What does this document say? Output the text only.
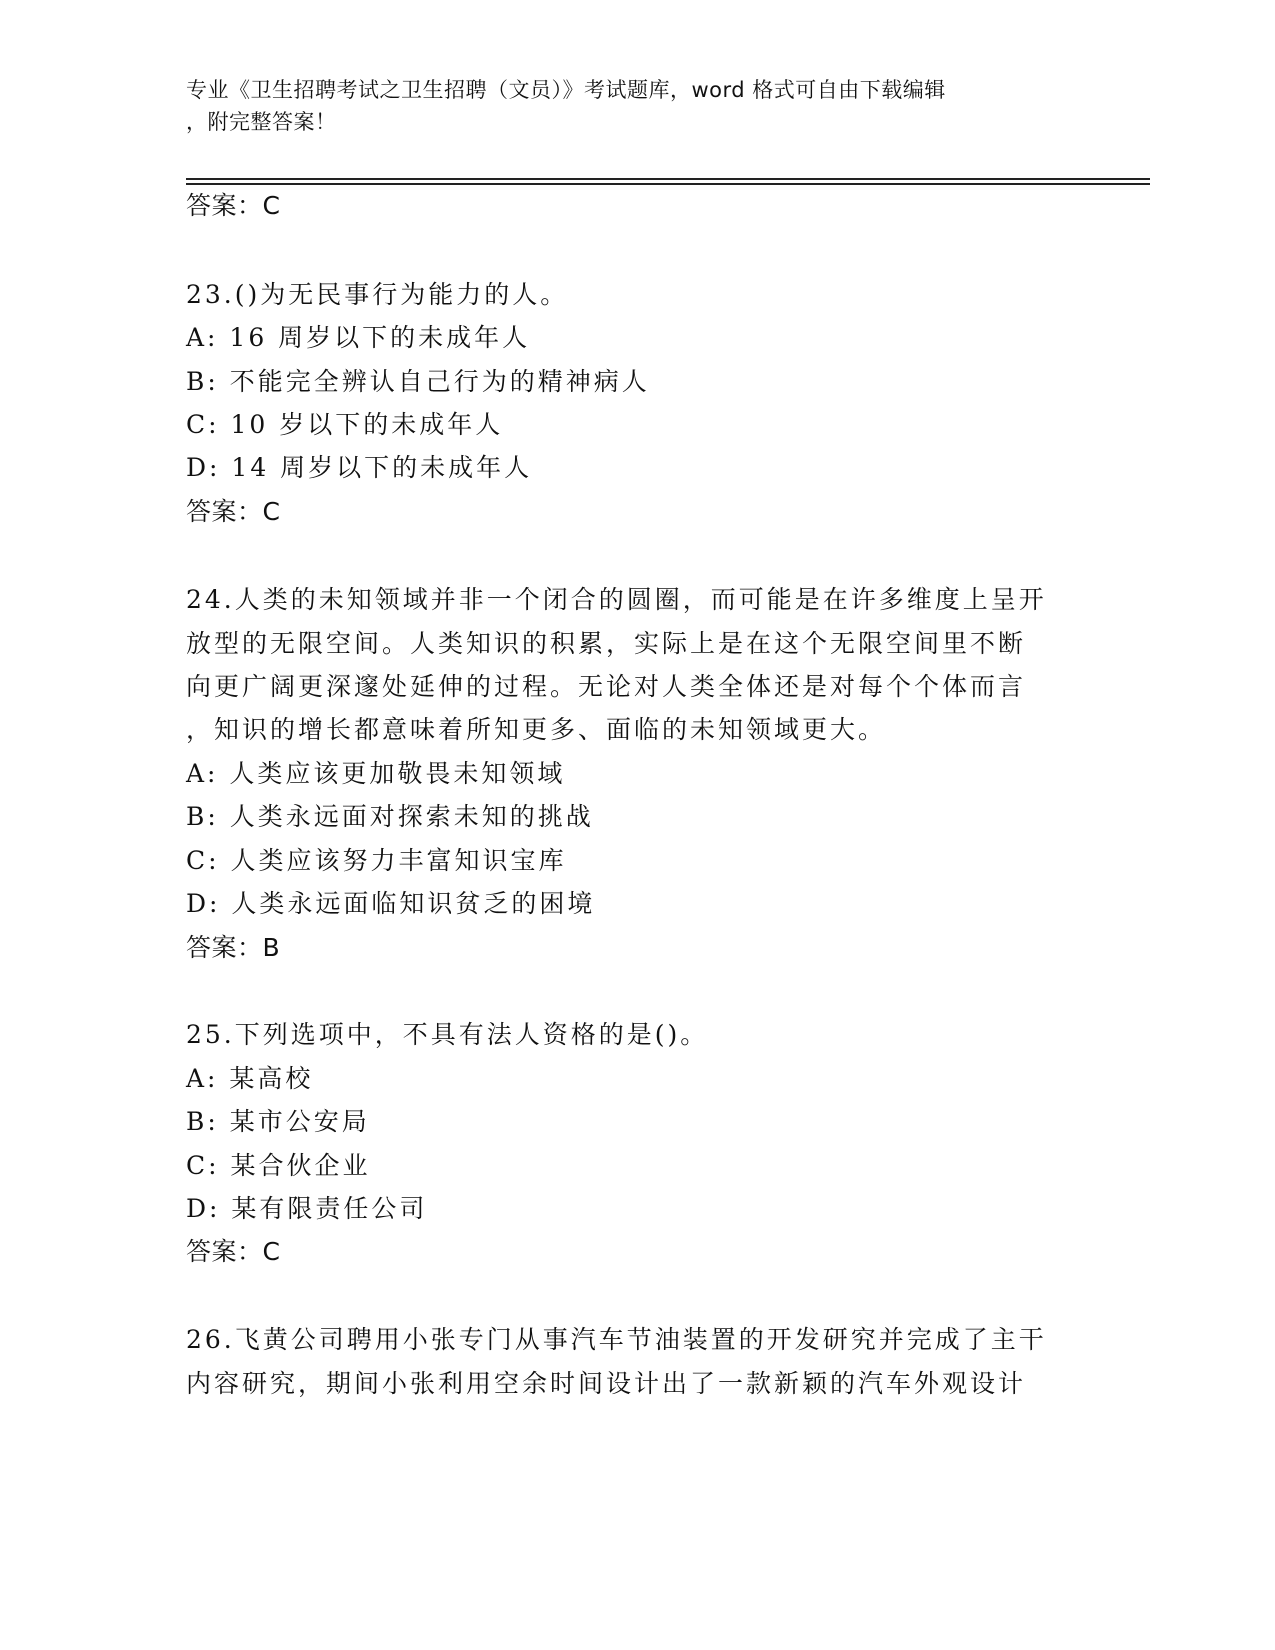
专业《卫生招聘考试之卫生招聘（文员）》考试题库，word 格式可自由下载编辑
，附完整答案！
答案：C
23.()为无民事行为能力的人。
A: 16 周岁以下的未成年人
B: 不能完全辨认自己行为的精神病人
C: 10 岁以下的未成年人
D: 14 周岁以下的未成年人
答案：C
24.人类的未知领域并非一个闭合的圆圈，而可能是在许多维度上呈开
放型的无限空间。人类知识的积累，实际上是在这个无限空间里不断
向更广阔更深邃处延伸的过程。无论对人类全体还是对每个个体而言
，知识的增长都意味着所知更多、面临的未知领域更大。
A: 人类应该更加敬畏未知领域
B: 人类永远面对探索未知的挑战
C: 人类应该努力丰富知识宝库
D: 人类永远面临知识贫乏的困境
答案：B
25.下列选项中，不具有法人资格的是()。
A: 某高校
B: 某市公安局
C: 某合伙企业
D: 某有限责任公司
答案：C
26.飞黄公司聘用小张专门从事汽车节油装置的开发研究并完成了主干
内容研究，期间小张利用空余时间设计出了一款新颖的汽车外观设计
